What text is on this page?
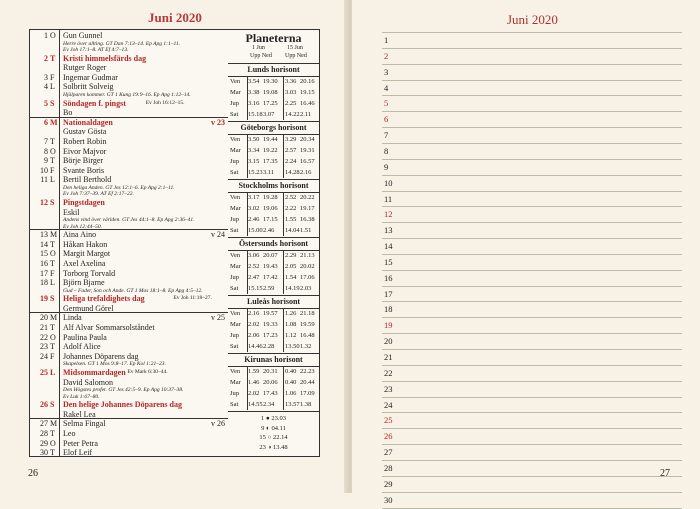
Juni 2020
1 O Gun Gunnel
Herre över allting. GT Dan 7:13–14. Ep Apg 1:1–11.
Ev Joh 17:1–8. AT Ef 4:7–13.
2 T Kristi himmelsfärds dag
Rutger Roger
3 F	Ingemar Gudmar
4 L	Solbritt Solveig
Hjälparen kommer. GT 1 Kung 19:9–16. Ep Apg 1:12–14.
5 S	Söndagen f. pingst	Ev Joh 16:12–15.
Bo
6 M Nationaldagen	v 23
Gustav Gösta
7 T	Robert Robin
8 O Eivor Majvor
9 T	Börje Birger
10 F	Svante Boris
11 L	Bertil Berthold
Den heliga Anden. GT Jes 12:1–6. Ep Apg 2:1–11.
Ev Joh 7:37–39. AT Ef 2:17–22.
12 S	Pingstdagen
Eskil
Andens vind över världen. GT Jes 44:1–8. Ep Apg 2:36–41.
Ev Joh 12:44–50.
13 M Aina Aino	v 24
14 T	Håkan Hakon
15 O Margit Margot
16 T	Axel Axelina
17 F	Torborg Torvald
18 L	Björn Bjarne
Gud – Fader, Son och Ande. GT 1 Mos 18:1–8. Ep Apg 4:5–12.
19 S	Heliga trefaldighets dag	Ev Joh 11:18–27.
Germund Görel
20 M Linda	v 25
21 T	Alf Alvar Sommarsolståndet
22 O Paulina Paula
23 T	Adolf Alice
24 F	Johannes Döparens dag
Skapelsen. GT 1 Mos 9:8–17. Ep Kol 1:21–23.
25 L Midsommardagen Ev Mark 6:30–44.
David Salomon
Den Högstes profet. GT Jes 42:5–9. Ep Apg 10:37–38.
Ev Luk 1:67–80.
26 S	Den helige Johannes Döparens dag
Rakel Lea
27 M Selma Fingal	v 26
28 T	Leo
29 O Peter Petra
30 T	Elof Leif
Planeterna
1 Jun	15 Jun
Upp Ned Upp Ned
Lunds horisont
Ven 3.54 19.30 3.36 20.16
Mar 3.38 19.08 3.03 19.15
Jup 3.16 17.25 2.25 16.46
Sat 15.18 3.07 14.22 2.11
Göteborgs horisont
Ven 3.50 19.44 3.29 20.34
Mar 3.34 19.22 2.57 19.31
Jup 3.15 17.35 2.24 16.57
Sat 15.23 3.11 14.28 2.16
Stockholms horisont
Ven 3.17 19.28 2.52 20.22
Mar 3.02 19.06 2.22 19.17
Jup 2.46 17.15 1.55 16.38
Sat 15.00 2.46 14.04 1.51
Östersunds horisont
Ven 3.06 20.07 2.29 21.13
Mar 2.52 19.43 2.05 20.02
Jup 2.47 17.42 1.54 17.06
Sat 15.15 2.59 14.19 2.03
Luleås horisont
Ven 2.16 19.57 1.26 21.18
Mar 2.02 19.33 1.08 19.59
Jup 2.06 17.23 1.12 16.48
Sat 14.46 2.28 13.50 1.32
Kirunas horisont
Ven 1.59 20.31 0.40 22.23
Mar 1.46 20.06 0.40 20.44
Jup 2.02 17.43 1.06 17.09
Sat 14.55 2.34 13.57 1.38
1 ● 23.03
9 ◐ 04.11
15 ○ 22.14
23 ◑ 13.48
26
Juni 2020
27
1
2
3
4
5
6
7
8
9
10
11
12
13
14
15
16
17
18
19
20
21
22
23
24
25
26
27
28
29
30
